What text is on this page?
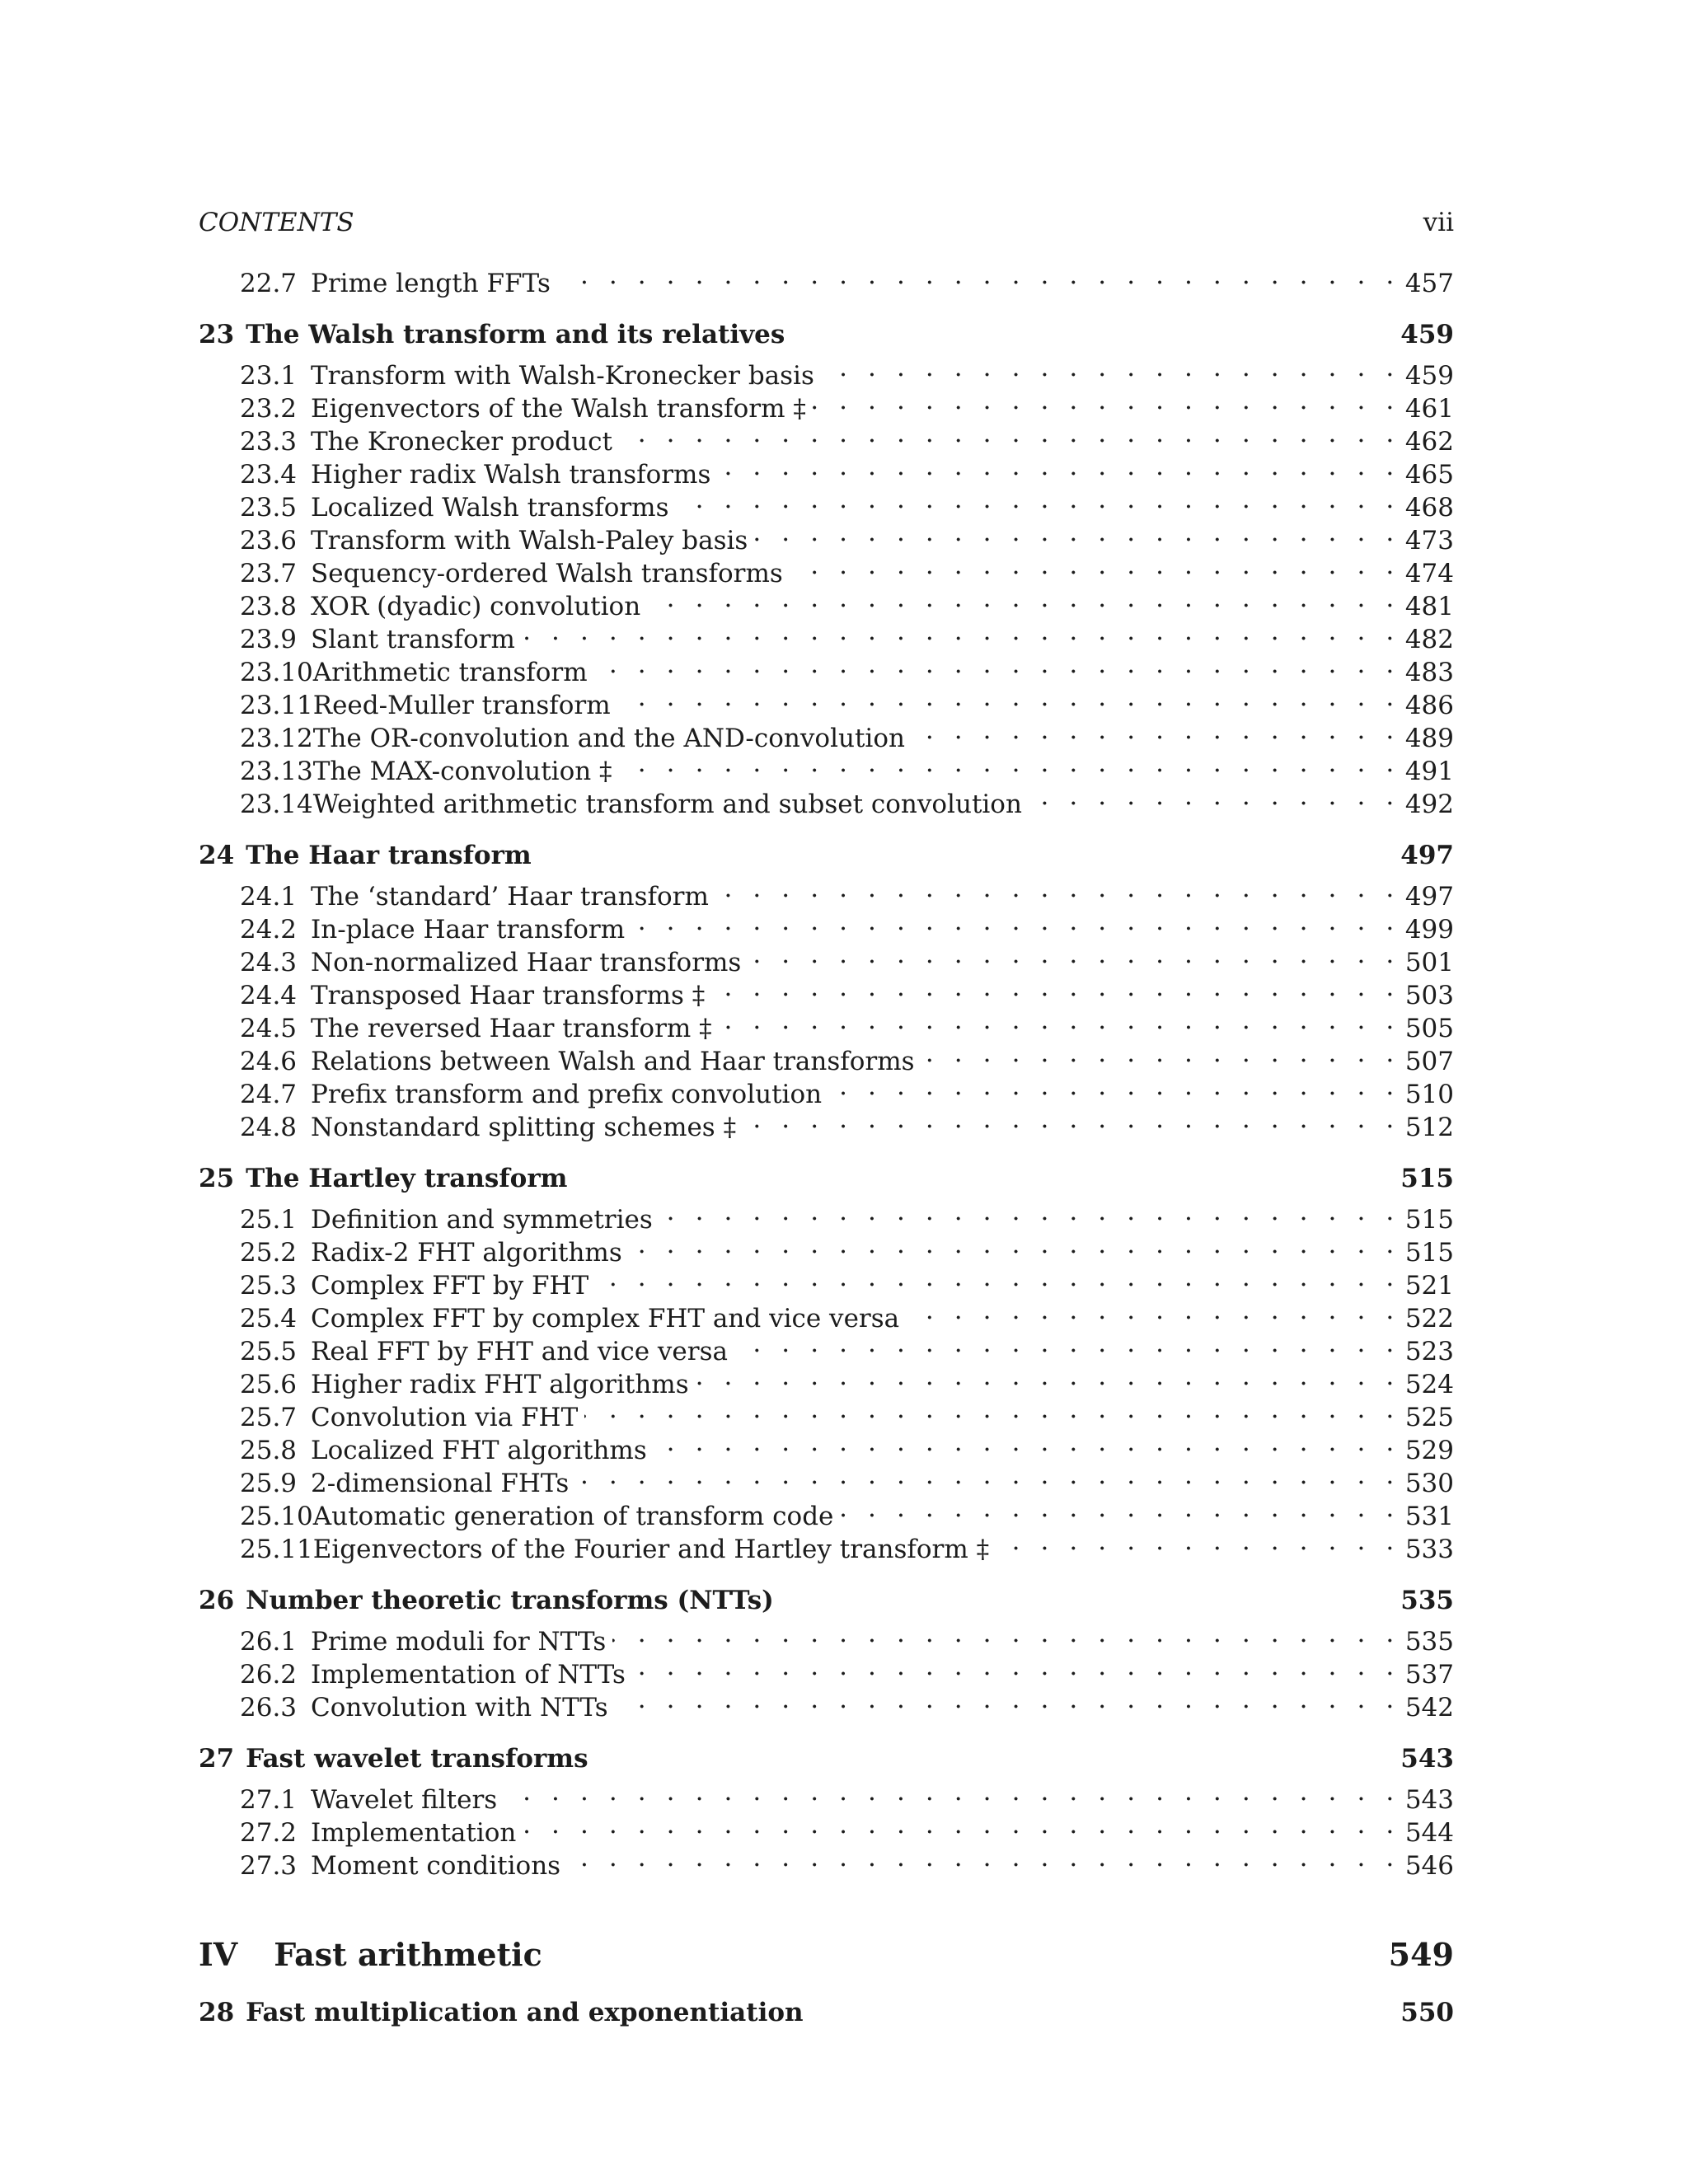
CONTENTS	vii
22.7 Prime length FFTs . . .	457
23 The Walsh transform and its relatives	459
23.1 Transform with Walsh-Kronecker basis . . .	459
23.2 Eigenvectors of the Walsh transform ‡ . . .	461
23.3 The Kronecker product . . .	462
23.4 Higher radix Walsh transforms . . .	465
23.5 Localized Walsh transforms . . .	468
23.6 Transform with Walsh-Paley basis . . .	473
23.7 Sequency-ordered Walsh transforms . . .	474
23.8 XOR (dyadic) convolution . . .	481
23.9 Slant transform . . .	482
23.10 Arithmetic transform . . .	483
23.11 Reed-Muller transform . . .	486
23.12 The OR-convolution and the AND-convolution . . .	489
23.13 The MAX-convolution ‡ . . .	491
23.14 Weighted arithmetic transform and subset convolution . . .	492
24 The Haar transform	497
24.1 The ‘standard’ Haar transform . . .	497
24.2 In-place Haar transform . . .	499
24.3 Non-normalized Haar transforms . . .	501
24.4 Transposed Haar transforms ‡ . . .	503
24.5 The reversed Haar transform ‡ . . .	505
24.6 Relations between Walsh and Haar transforms . . .	507
24.7 Prefix transform and prefix convolution . . .	510
24.8 Nonstandard splitting schemes ‡ . . .	512
25 The Hartley transform	515
25.1 Definition and symmetries . . .	515
25.2 Radix-2 FHT algorithms . . .	515
25.3 Complex FFT by FHT . . .	521
25.4 Complex FFT by complex FHT and vice versa . . .	522
25.5 Real FFT by FHT and vice versa . . .	523
25.6 Higher radix FHT algorithms . . .	524
25.7 Convolution via FHT . . .	525
25.8 Localized FHT algorithms . . .	529
25.9 2-dimensional FHTs . . .	530
25.10 Automatic generation of transform code . . .	531
25.11 Eigenvectors of the Fourier and Hartley transform ‡ . . .	533
26 Number theoretic transforms (NTTs)	535
26.1 Prime moduli for NTTs . . .	535
26.2 Implementation of NTTs . . .	537
26.3 Convolution with NTTs . . .	542
27 Fast wavelet transforms	543
27.1 Wavelet filters . . .	543
27.2 Implementation . . .	544
27.3 Moment conditions . . .	546
IV Fast arithmetic	549
28 Fast multiplication and exponentiation	550
